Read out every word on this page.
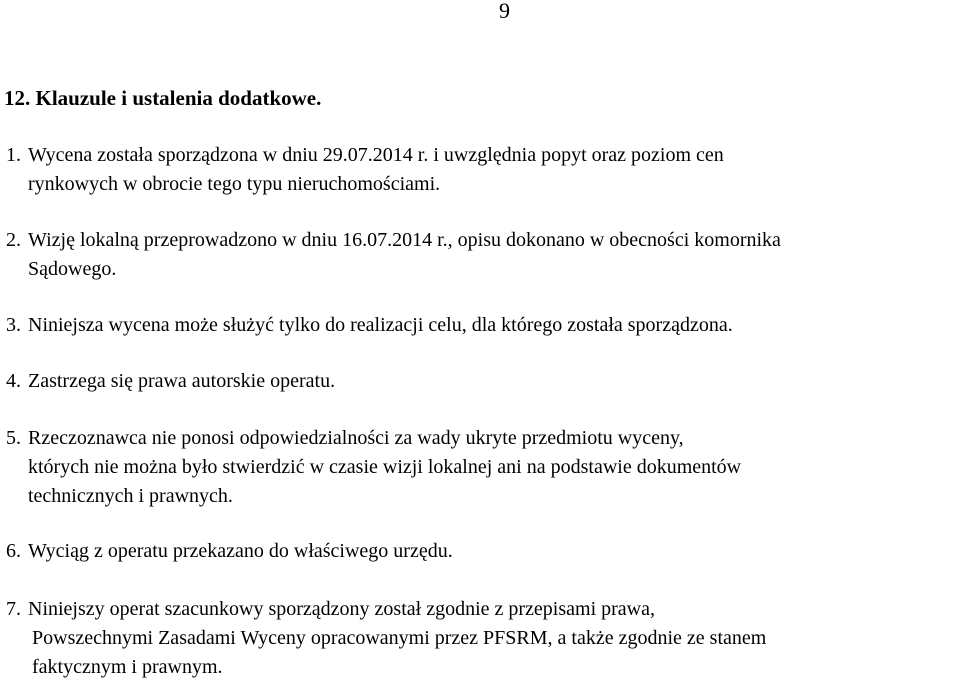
9
12. Klauzule i ustalenia dodatkowe.
1. Wycena została sporządzona w dniu 29.07.2014 r. i uwzględnia popyt oraz poziom cen
rynkowych w obrocie tego typu nieruchomościami.
2. Wizję lokalną przeprowadzono w dniu 16.07.2014 r., opisu dokonano w obecności komornika
Sądowego.
3. Niniejsza wycena może służyć tylko do realizacji celu, dla którego została sporządzona.
4. Zastrzega się prawa autorskie operatu.
5. Rzeczoznawca nie ponosi odpowiedzialności za wady ukryte przedmiotu wyceny,
których nie można było stwierdzić w czasie wizji lokalnej ani na podstawie dokumentów
technicznych i prawnych.
6. Wyciąg z operatu przekazano do właściwego urzędu.
7. Niniejszy operat szacunkowy sporządzony został zgodnie z przepisami prawa,
Powszechnymi Zasadami Wyceny opracowanymi przez PFSRM, a także zgodnie ze stanem
faktycznym i prawnym.
